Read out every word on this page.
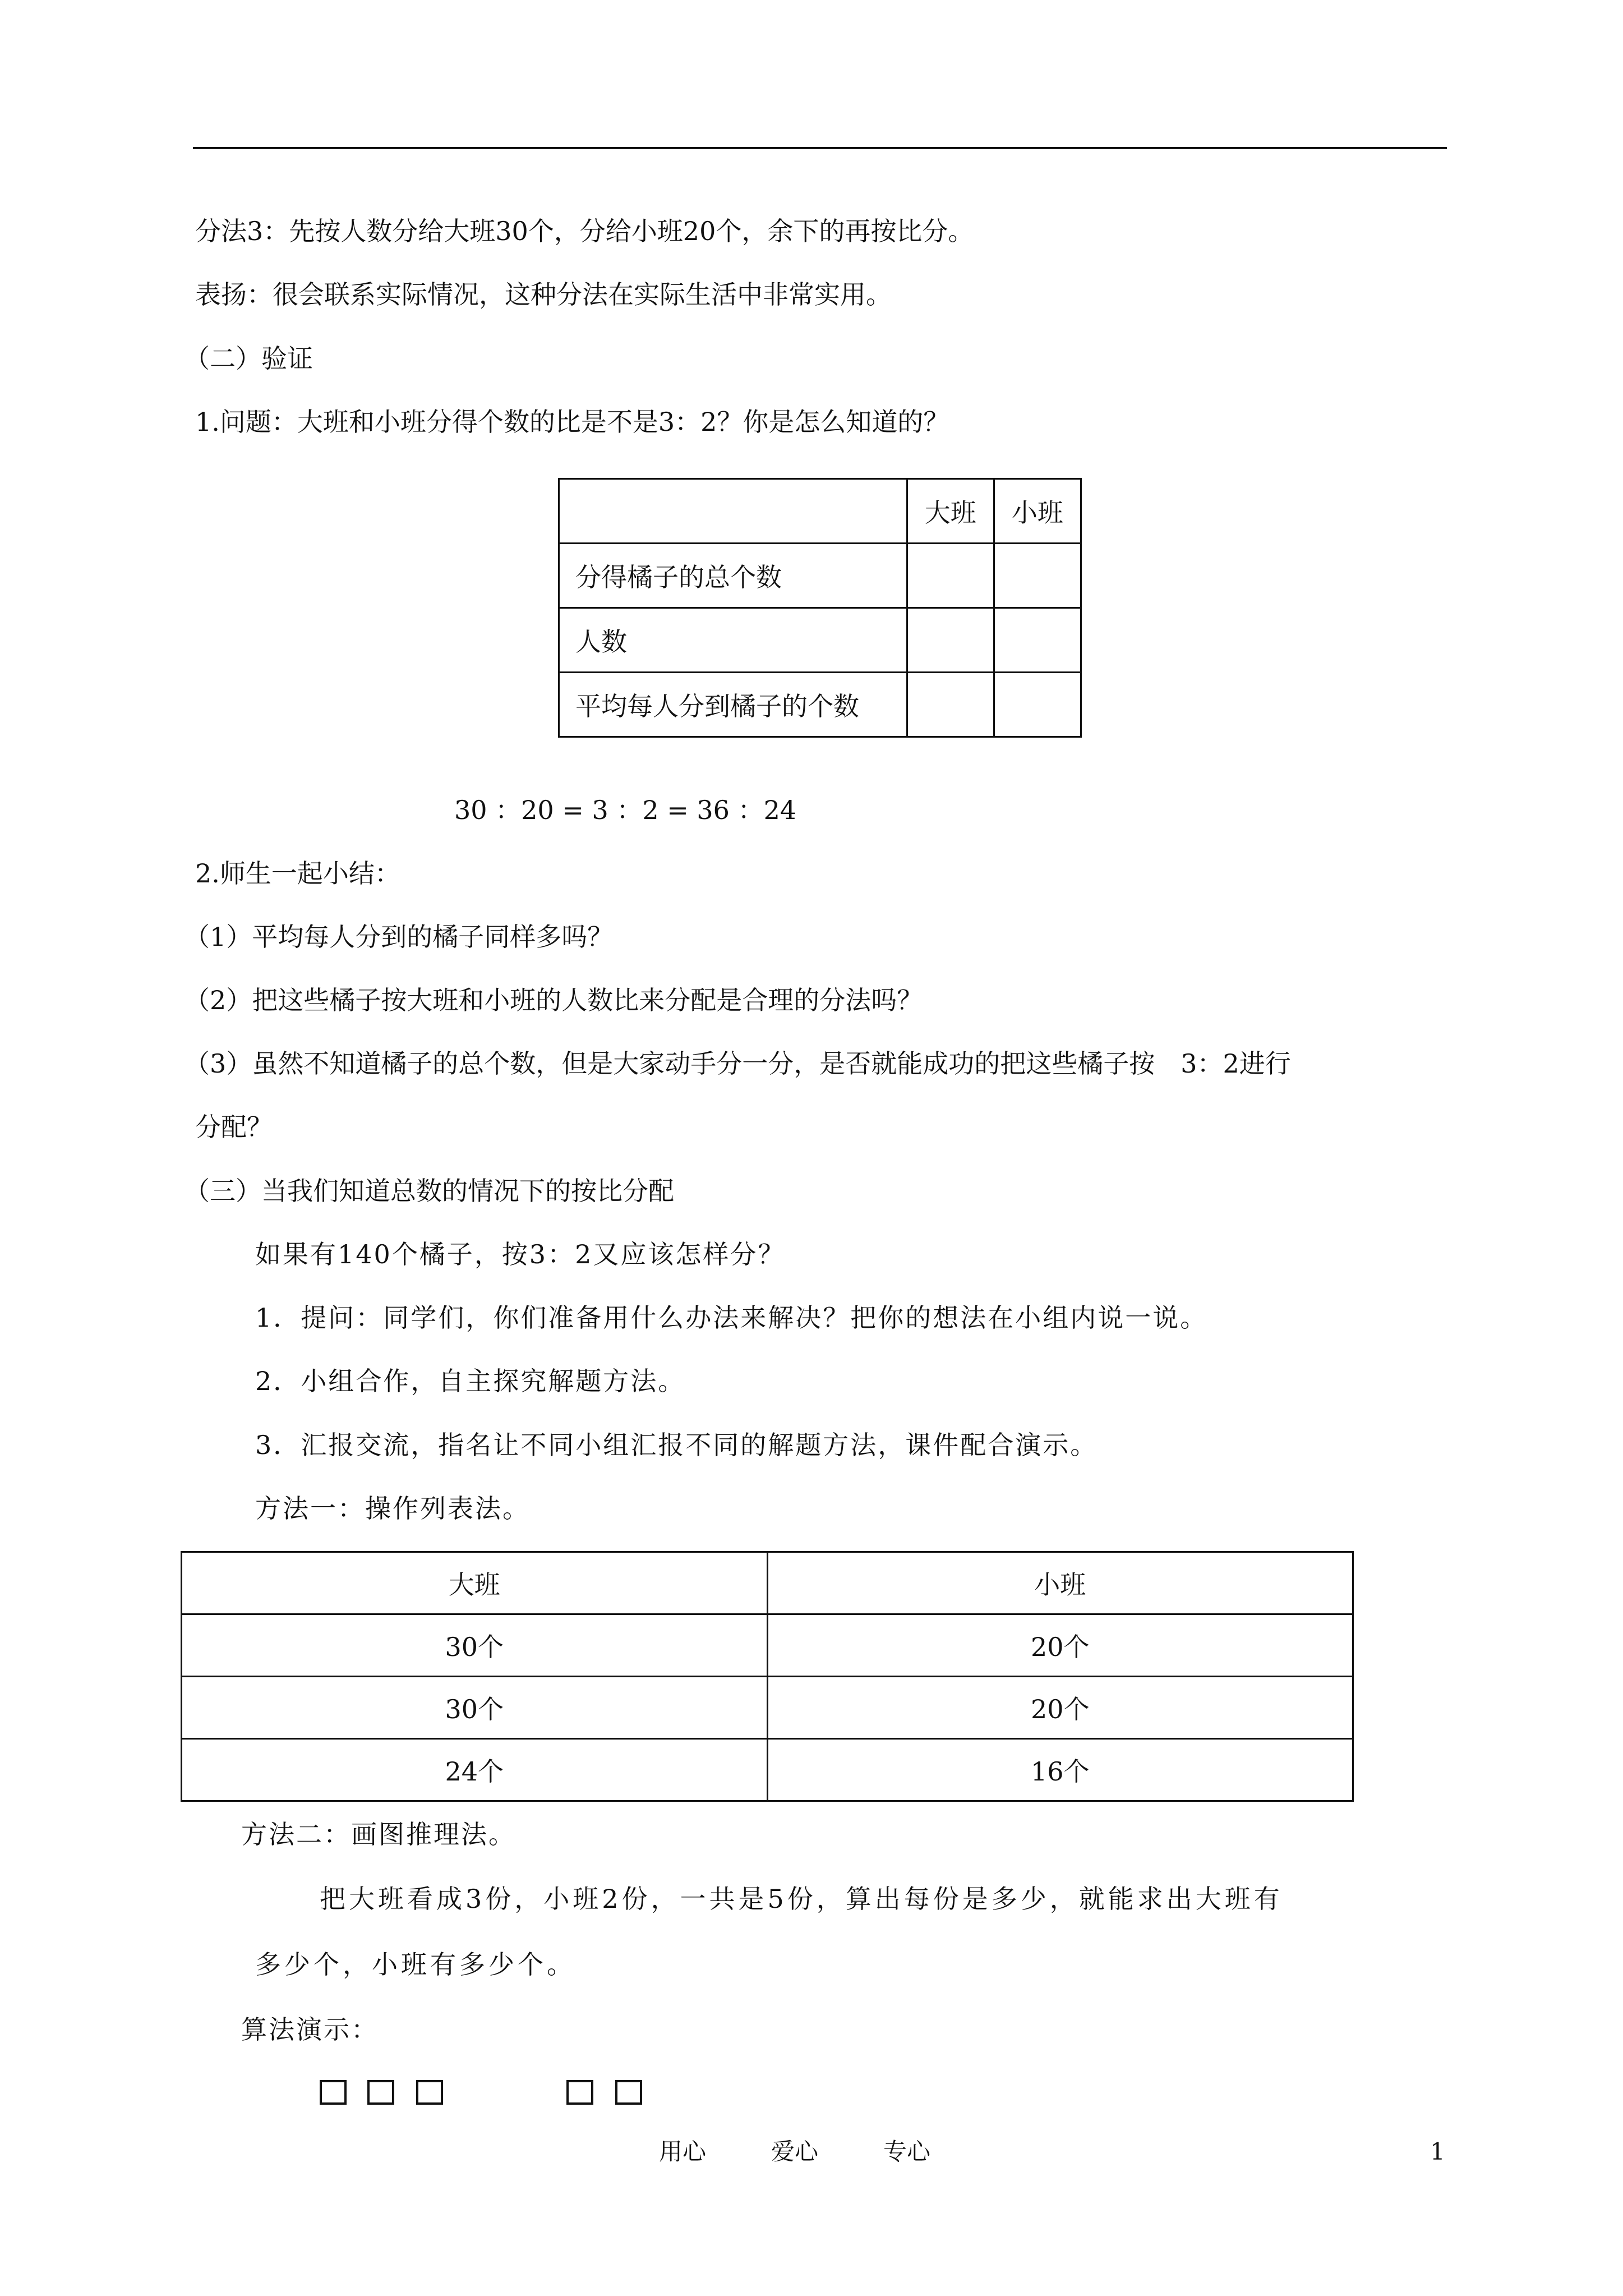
分法3：先按人数分给大班30个，分给小班20个，余下的再按比分。

表扬：很会联系实际情况，这种分法在实际生活中非常实用。

（二）验证

1.问题：大班和小班分得个数的比是不是3：2？你是怎么知道的？

	大班	小班
分得橘子的总个数		
人数		
平均每人分到橘子的个数		

30 ：20 = 3 ：2 = 36 ：24

2.师生一起小结：

（1）平均每人分到的橘子同样多吗？

（2）把这些橘子按大班和小班的人数比来分配是合理的分法吗？

（3）虽然不知道橘子的总个数，但是大家动手分一分，是否就能成功的把这些橘子按　3：2进行

分配？

（三）当我们知道总数的情况下的按比分配

如果有140个橘子，按3：2又应该怎样分？

1．提问：同学们，你们准备用什么办法来解决？把你的想法在小组内说一说。

2．小组合作，自主探究解题方法。

3．汇报交流，指名让不同小组汇报不同的解题方法，课件配合演示。

方法一：操作列表法。

大班	小班
30个	20个
30个	20个
24个	16个

方法二：画图推理法。

把大班看成3份，小班2份，一共是5份，算出每份是多少，就能求出大班有

多少个，小班有多少个。

算法演示：

用心	爱心	专心	1
